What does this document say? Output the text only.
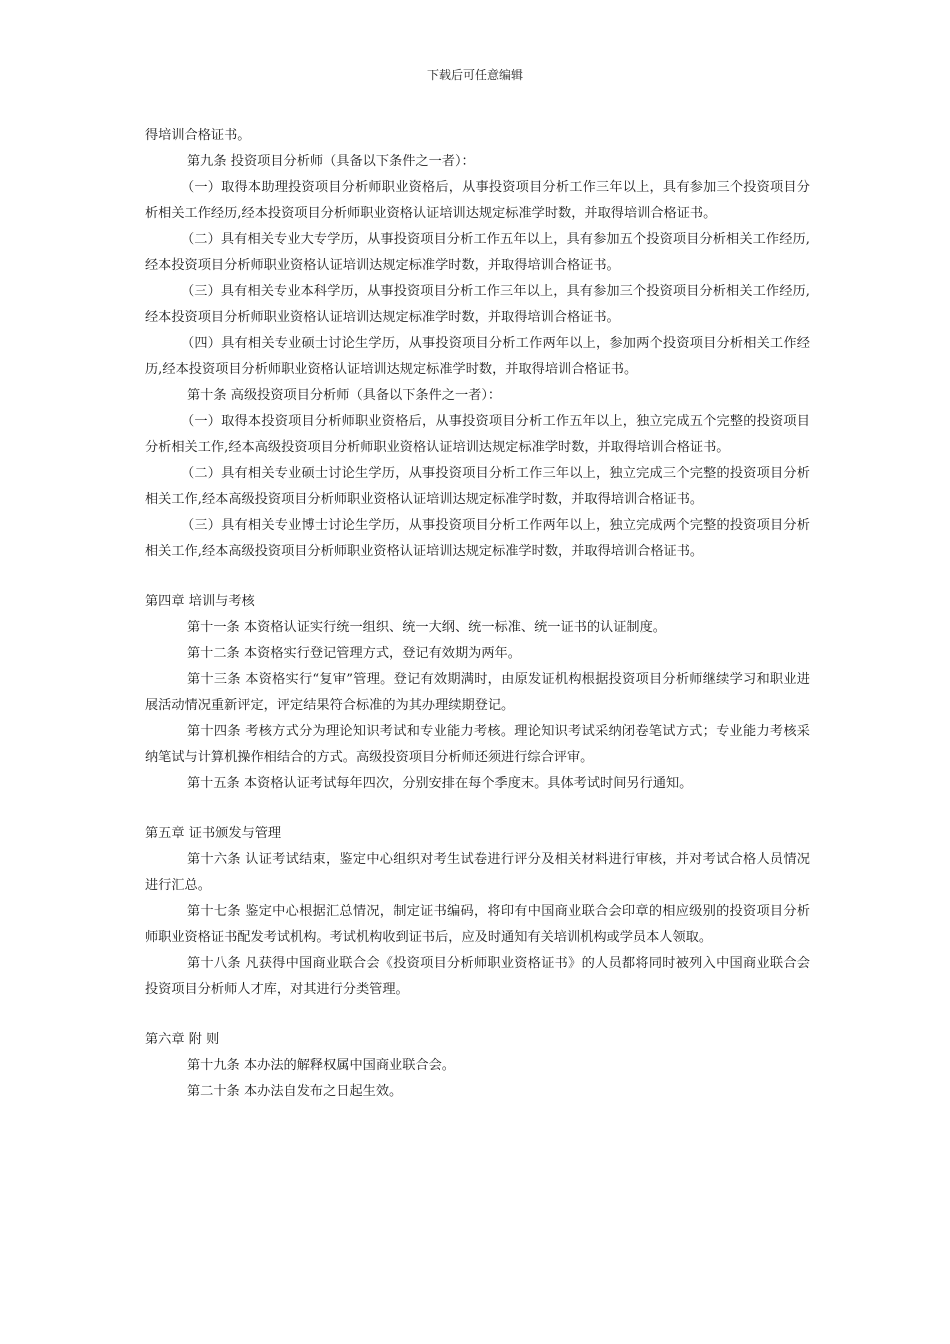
下载后可任意编辑

得培训合格证书。

第九条 投资项目分析师（具备以下条件之一者）：

（一）取得本助理投资项目分析师职业资格后，从事投资项目分析工作三年以上，具有参加三个投资项目分析相关工作经历,经本投资项目分析师职业资格认证培训达规定标准学时数，并取得培训合格证书。

（二）具有相关专业大专学历，从事投资项目分析工作五年以上，具有参加五个投资项目分析相关工作经历,经本投资项目分析师职业资格认证培训达规定标准学时数，并取得培训合格证书。

（三）具有相关专业本科学历，从事投资项目分析工作三年以上，具有参加三个投资项目分析相关工作经历,经本投资项目分析师职业资格认证培训达规定标准学时数，并取得培训合格证书。

（四）具有相关专业硕士讨论生学历，从事投资项目分析工作两年以上，参加两个投资项目分析相关工作经历,经本投资项目分析师职业资格认证培训达规定标准学时数，并取得培训合格证书。

第十条 高级投资项目分析师（具备以下条件之一者）：

（一）取得本投资项目分析师职业资格后，从事投资项目分析工作五年以上，独立完成五个完整的投资项目分析相关工作,经本高级投资项目分析师职业资格认证培训达规定标准学时数，并取得培训合格证书。

（二）具有相关专业硕士讨论生学历，从事投资项目分析工作三年以上，独立完成三个完整的投资项目分析相关工作,经本高级投资项目分析师职业资格认证培训达规定标准学时数，并取得培训合格证书。

（三）具有相关专业博士讨论生学历，从事投资项目分析工作两年以上，独立完成两个完整的投资项目分析相关工作,经本高级投资项目分析师职业资格认证培训达规定标准学时数，并取得培训合格证书。

第四章 培训与考核

第十一条 本资格认证实行统一组织、统一大纲、统一标准、统一证书的认证制度。

第十二条 本资格实行登记管理方式，登记有效期为两年。

第十三条 本资格实行“复审”管理。登记有效期满时，由原发证机构根据投资项目分析师继续学习和职业进展活动情况重新评定，评定结果符合标准的为其办理续期登记。

第十四条 考核方式分为理论知识考试和专业能力考核。理论知识考试采纳闭卷笔试方式；专业能力考核采纳笔试与计算机操作相结合的方式。高级投资项目分析师还须进行综合评审。

第十五条 本资格认证考试每年四次，分别安排在每个季度末。具体考试时间另行通知。

第五章 证书颁发与管理

第十六条 认证考试结束，鉴定中心组织对考生试卷进行评分及相关材料进行审核，并对考试合格人员情况进行汇总。

第十七条 鉴定中心根据汇总情况，制定证书编码，将印有中国商业联合会印章的相应级别的投资项目分析师职业资格证书配发考试机构。考试机构收到证书后，应及时通知有关培训机构或学员本人领取。

第十八条 凡获得中国商业联合会《投资项目分析师职业资格证书》的人员都将同时被列入中国商业联合会投资项目分析师人才库，对其进行分类管理。

第六章 附 则

第十九条 本办法的解释权属中国商业联合会。

第二十条 本办法自发布之日起生效。
